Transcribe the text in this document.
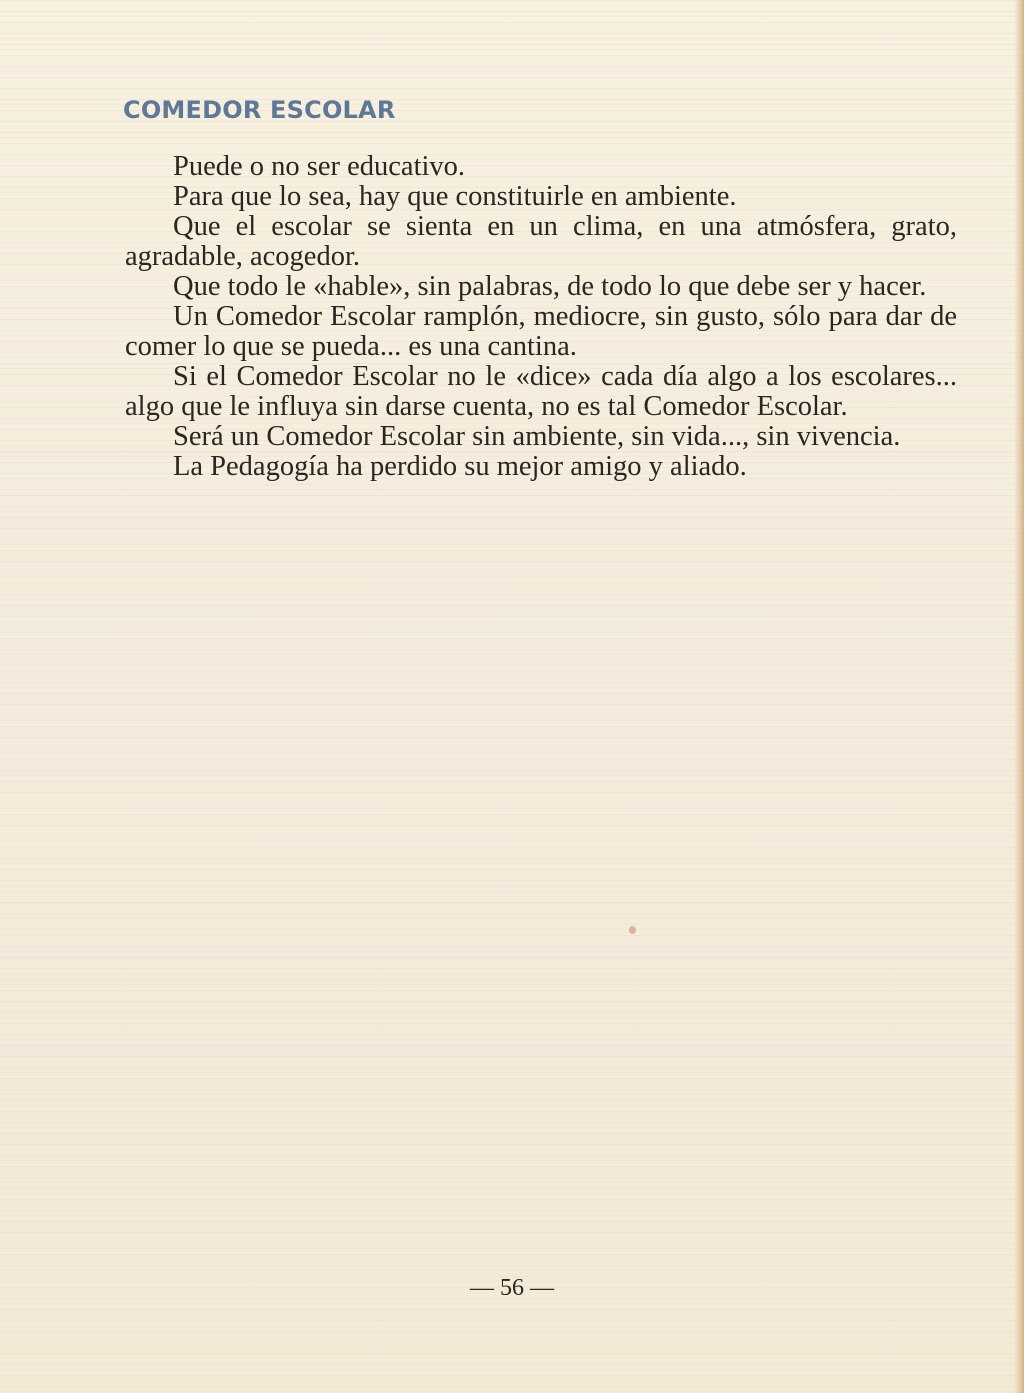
COMEDOR ESCOLAR

Puede o no ser educativo.

Para que lo sea, hay que constituirle en ambiente.

Que el escolar se sienta en un clima, en una atmósfera, grato, agradable, acogedor.

Que todo le «hable», sin palabras, de todo lo que debe ser y hacer.

Un Comedor Escolar ramplón, mediocre, sin gusto, sólo para dar de comer lo que se pueda... es una cantina.

Si el Comedor Escolar no le «dice» cada día algo a los escolares... algo que le influya sin darse cuenta, no es tal Comedor Escolar.

Será un Comedor Escolar sin ambiente, sin vida..., sin vivencia.

La Pedagogía ha perdido su mejor amigo y aliado.

— 56 —
